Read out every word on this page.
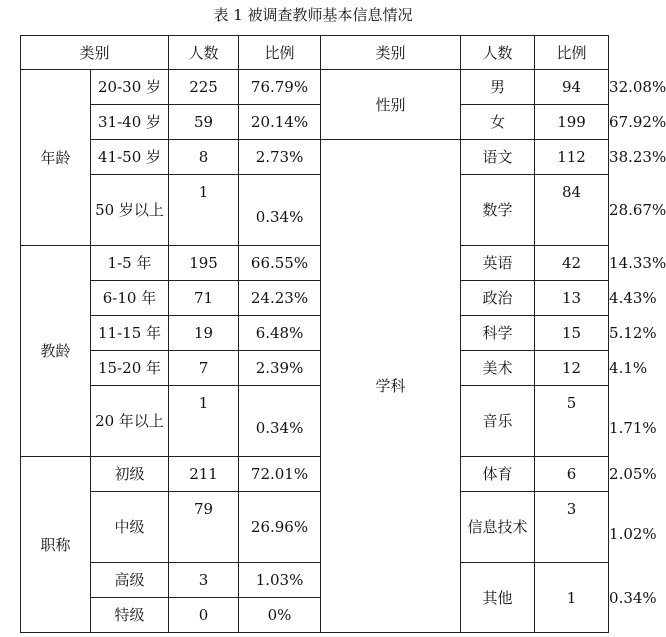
表 1 被调查教师基本信息情况
类别		人数	比例	类别	人数	比例	
年龄	20-30 岁	225	76.79%	性别	男	94	32.08%
	31-40 岁	59	20.14%		女	199	67.92%
	41-50 岁	8	2.73%	学科	语文	112	38.23%
	50 岁以上	1	0.34%		数学	84	28.67%
教龄	1-5 年	195	66.55%		英语	42	14.33%
	6-10 年	71	24.23%		政治	13	4.43%
	11-15 年	19	6.48%		科学	15	5.12%
	15-20 年	7	2.39%		美术	12	4.1%
	20 年以上	1	0.34%		音乐	5	1.71%
职称	初级	211	72.01%		体育	6	2.05%
	中级	79	26.96%		信息技术	3	1.02%
	高级	3	1.03%		其他	1	0.34%
	特级	0	0%				
